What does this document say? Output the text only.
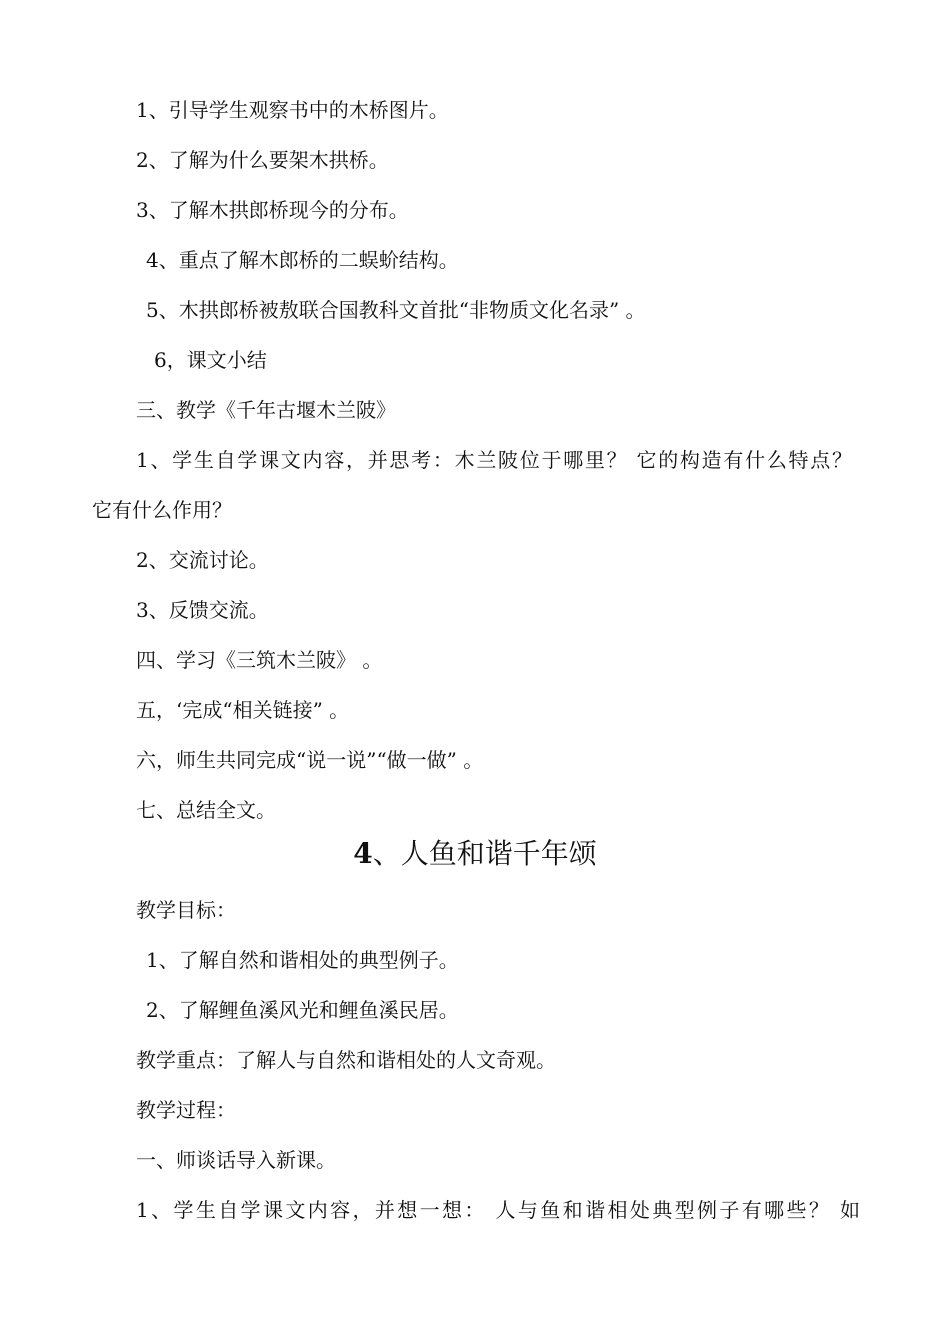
1、引导学生观察书中的木桥图片。
2、了解为什么要架木拱桥。
3、了解木拱郎桥现今的分布。
4、重点了解木郎桥的二蜈蚧结构。
5、木拱郎桥被敖联合国教科文首批“非物质文化名录” 。
6，课文小结
三、教学《千年古堰木兰陂》
1、学生自学课文内容，并思考：木兰陂位于哪里？ 它的构造有什么特点？
它有什么作用？
2、交流讨论。
3、反馈交流。
四、学习《三筑木兰陂》 。
五，‘完成“相关链接” 。
六，师生共同完成“说一说”“做一做” 。
七、总结全文。
4、人鱼和谐千年颂
教学目标：
1、了解自然和谐相处的典型例子。
2、了解鲤鱼溪风光和鲤鱼溪民居。
教学重点：了解人与自然和谐相处的人文奇观。
教学过程：
一、师谈话导入新课。
1、学生自学课文内容，并想一想： 人与鱼和谐相处典型例子有哪些？ 如
